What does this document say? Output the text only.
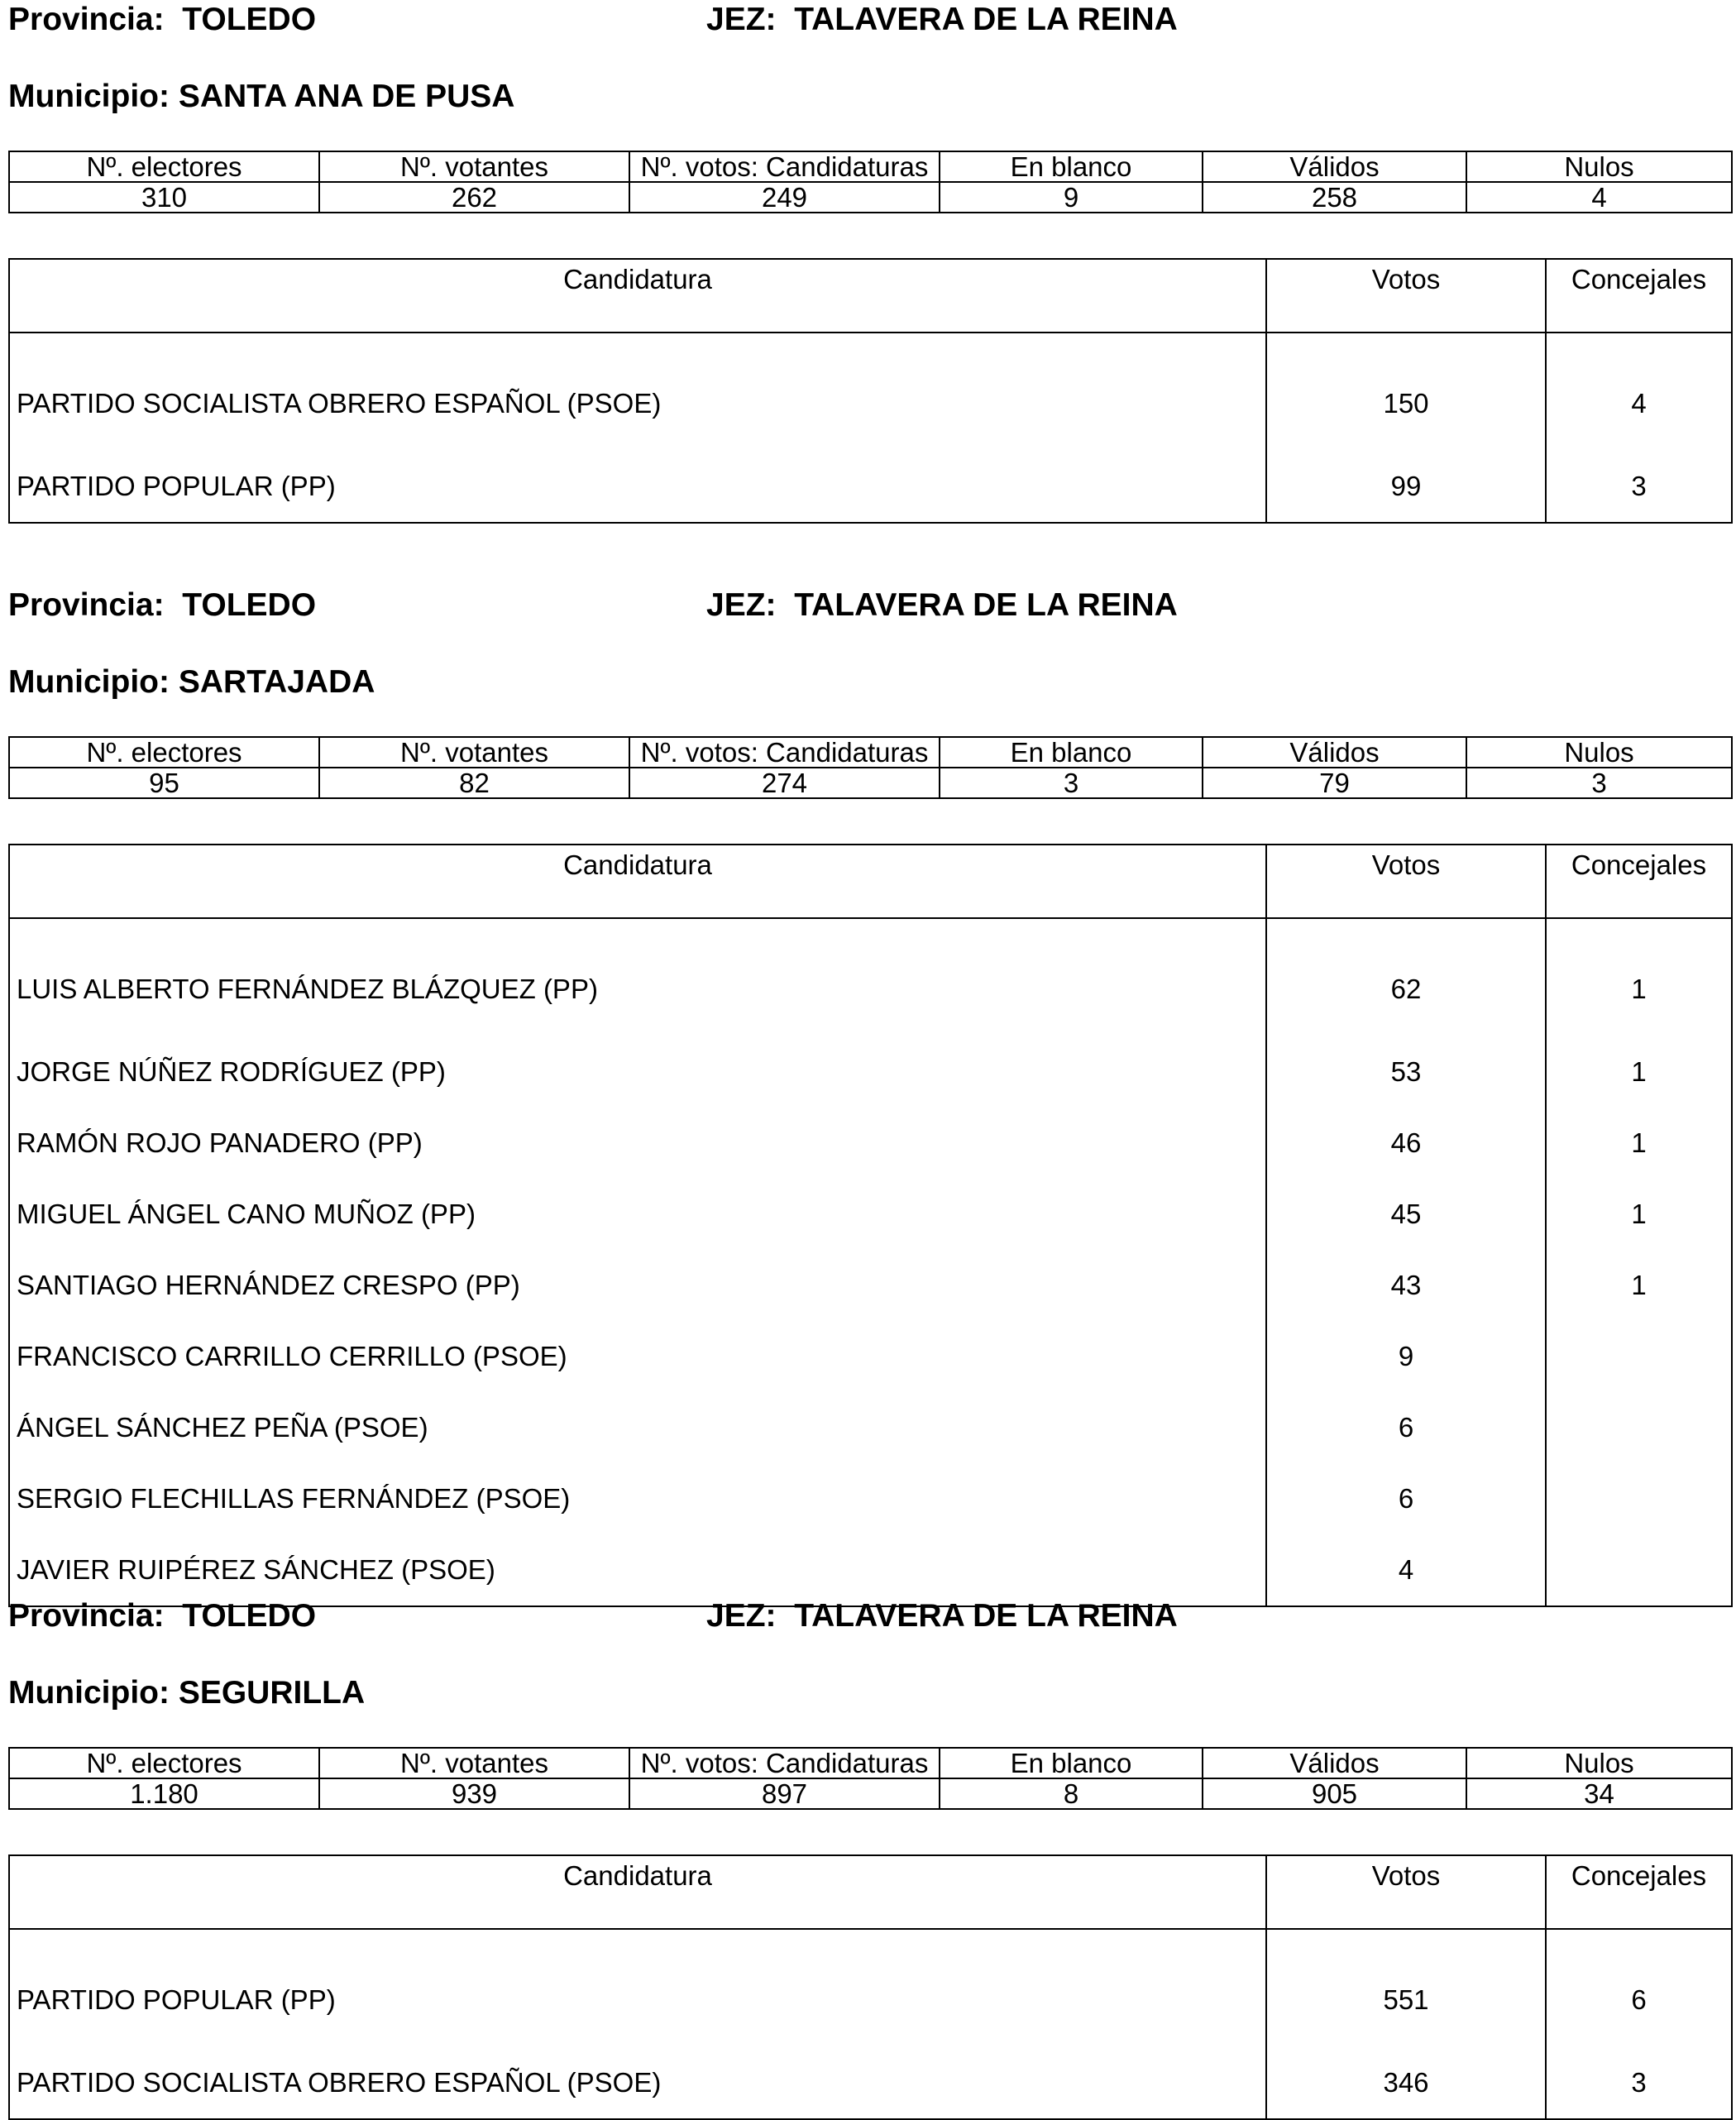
Provincia: TOLEDO	JEZ: TALAVERA DE LA REINA
Municipio: SANTA ANA DE PUSA
Nº. electores	Nº. votantes	Nº. votos: Candidaturas	En blanco	Válidos	Nulos
310	262	249	9	258	4
Candidatura	Votos	Concejales
PARTIDO SOCIALISTA OBRERO ESPAÑOL (PSOE)	150	4
PARTIDO POPULAR (PP)	99	3
Provincia: TOLEDO	JEZ: TALAVERA DE LA REINA
Municipio: SARTAJADA
Nº. electores	Nº. votantes	Nº. votos: Candidaturas	En blanco	Válidos	Nulos
95	82	274	3	79	3
Candidatura	Votos	Concejales
LUIS ALBERTO FERNÁNDEZ BLÁZQUEZ (PP)	62	1
JORGE NÚÑEZ RODRÍGUEZ (PP)	53	1
RAMÓN ROJO PANADERO (PP)	46	1
MIGUEL ÁNGEL CANO MUÑOZ (PP)	45	1
SANTIAGO HERNÁNDEZ CRESPO (PP)	43	1
FRANCISCO CARRILLO CERRILLO (PSOE)	9	
ÁNGEL SÁNCHEZ PEÑA (PSOE)	6	
SERGIO FLECHILLAS FERNÁNDEZ (PSOE)	6	
JAVIER RUIPÉREZ SÁNCHEZ (PSOE)	4	
Provincia: TOLEDO	JEZ: TALAVERA DE LA REINA
Municipio: SEGURILLA
Nº. electores	Nº. votantes	Nº. votos: Candidaturas	En blanco	Válidos	Nulos
1.180	939	897	8	905	34
Candidatura	Votos	Concejales
PARTIDO POPULAR (PP)	551	6
PARTIDO SOCIALISTA OBRERO ESPAÑOL (PSOE)	346	3
